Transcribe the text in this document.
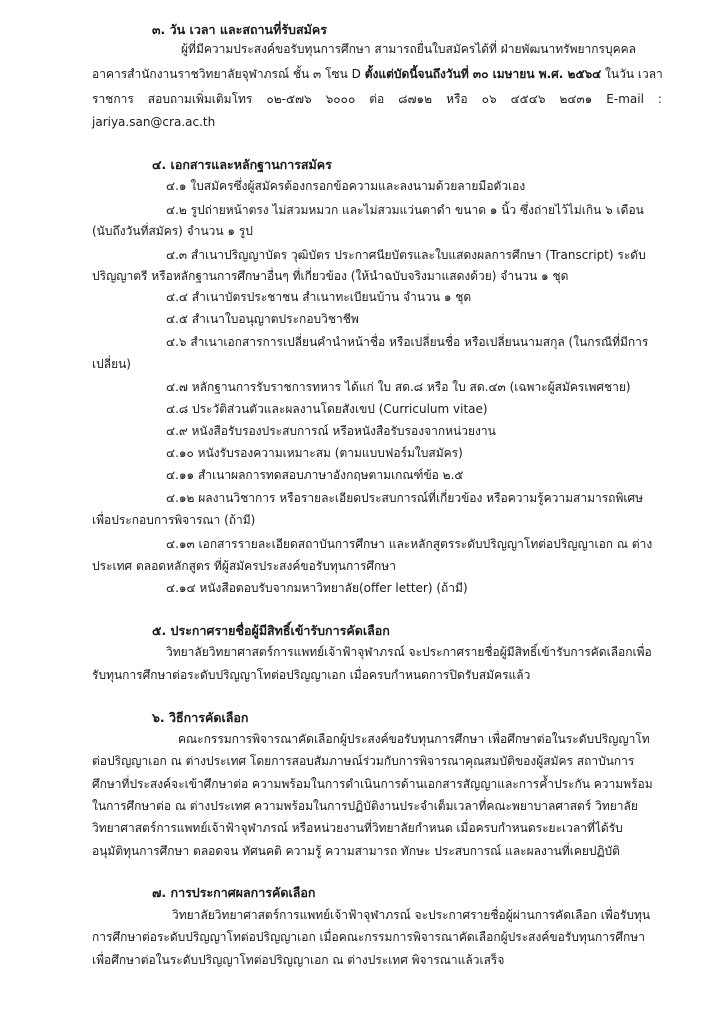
๓. วัน เวลา และสถานที่รับสมัคร
ผู้ที่มีความประสงค์ขอรับทุนการศึกษา สามารถยื่นใบสมัครได้ที่ ฝ่ายพัฒนาทรัพยากรบุคคล
อาคารสำนักงานราชวิทยาลัยจุฬาภรณ์ ชั้น ๓ โซน D ตั้งแต่บัดนี้จนถึงวันที่ ๓๐ เมษายน พ.ศ. ๒๕๖๔ ในวัน เวลา
ราชการ สอบถามเพิ่มเติมโทร ๐๒-๕๗๖ ๖๐๐๐ ต่อ ๘๗๑๒ หรือ ๐๖ ๔๕๔๖ ๒๔๓๑ E-mail :
jariya.san@cra.ac.th
๔. เอกสารและหลักฐานการสมัคร
๔.๑ ใบสมัครซึ่งผู้สมัครต้องกรอกข้อความและลงนามด้วยลายมือตัวเอง
๔.๒ รูปถ่ายหน้าตรง ไม่สวมหมวก และไม่สวมแว่นตาดำ ขนาด ๑ นิ้ว ซึ่งถ่ายไว้ไม่เกิน ๖ เดือน
(นับถึงวันที่สมัคร) จำนวน ๑ รูป
๔.๓ สำเนาปริญญาบัตร วุฒิบัตร ประกาศนียบัตรและใบแสดงผลการศึกษา (Transcript) ระดับ
ปริญญาตรี หรือหลักฐานการศึกษาอื่นๆ ที่เกี่ยวข้อง (ให้นำฉบับจริงมาแสดงด้วย) จำนวน ๑ ชุด
๔.๔ สำเนาบัตรประชาชน สำเนาทะเบียนบ้าน จำนวน ๑ ชุด
๔.๕ สำเนาใบอนุญาตประกอบวิชาชีพ
๔.๖ สำเนาเอกสารการเปลี่ยนคำนำหน้าชื่อ หรือเปลี่ยนชื่อ หรือเปลี่ยนนามสกุล (ในกรณีที่มีการ
เปลี่ยน)
๔.๗ หลักฐานการรับราชการทหาร ได้แก่ ใบ สด.๘ หรือ ใบ สด.๔๓ (เฉพาะผู้สมัครเพศชาย)
๔.๘ ประวัติส่วนตัวและผลงานโดยสังเขป (Curriculum vitae)
๔.๙ หนังสือรับรองประสบการณ์ หรือหนังสือรับรองจากหน่วยงาน
๔.๑๐ หนังรับรองความเหมาะสม (ตามแบบฟอร์มใบสมัคร)
๔.๑๑ สำเนาผลการทดสอบภาษาอังกฤษตามเกณฑ์ข้อ ๒.๕
๔.๑๒ ผลงานวิชาการ หรือรายละเอียดประสบการณ์ที่เกี่ยวข้อง หรือความรู้ความสามารถพิเศษ
เพื่อประกอบการพิจารณา (ถ้ามี)
๔.๑๓ เอกสารรายละเอียดสถาบันการศึกษา และหลักสูตรระดับปริญญาโทต่อปริญญาเอก ณ ต่าง
ประเทศ ตลอดหลักสูตร ที่ผู้สมัครประสงค์ขอรับทุนการศึกษา
๔.๑๔ หนังสือตอบรับจากมหาวิทยาลัย(offer letter) (ถ้ามี)
๕. ประกาศรายชื่อผู้มีสิทธิ์เข้ารับการคัดเลือก
วิทยาลัยวิทยาศาสตร์การแพทย์เจ้าฟ้าจุฬาภรณ์ จะประกาศรายชื่อผู้มีสิทธิ์เข้ารับการคัดเลือกเพื่อ
รับทุนการศึกษาต่อระดับปริญญาโทต่อปริญญาเอก เมื่อครบกำหนดการปิดรับสมัครแล้ว
๖. วิธีการคัดเลือก
คณะกรรมการพิจารณาคัดเลือกผู้ประสงค์ขอรับทุนการศึกษา เพื่อศึกษาต่อในระดับปริญญาโท
ต่อปริญญาเอก ณ ต่างประเทศ โดยการสอบสัมภาษณ์ร่วมกับการพิจารณาคุณสมบัติของผู้สมัคร สถาบันการ
ศึกษาที่ประสงค์จะเข้าศึกษาต่อ ความพร้อมในการดำเนินการด้านเอกสารสัญญาและการค้ำประกัน ความพร้อม
ในการศึกษาต่อ ณ ต่างประเทศ ความพร้อมในการปฏิบัติงานประจำเต็มเวลาที่คณะพยาบาลศาสตร์ วิทยาลัย
วิทยาศาสตร์การแพทย์เจ้าฟ้าจุฬาภรณ์ หรือหน่วยงานที่วิทยาลัยกำหนด เมื่อครบกำหนดระยะเวลาที่ได้รับ
อนุมัติทุนการศึกษา ตลอดจน ทัศนคติ ความรู้ ความสามารถ ทักษะ ประสบการณ์ และผลงานที่เคยปฏิบัติ
๗. การประกาศผลการคัดเลือก
วิทยาลัยวิทยาศาสตร์การแพทย์เจ้าฟ้าจุฬาภรณ์ จะประกาศรายชื่อผู้ผ่านการคัดเลือก เพื่อรับทุน
การศึกษาต่อระดับปริญญาโทต่อปริญญาเอก เมื่อคณะกรรมการพิจารณาคัดเลือกผู้ประสงค์ขอรับทุนการศึกษา
เพื่อศึกษาต่อในระดับปริญญาโทต่อปริญญาเอก ณ ต่างประเทศ พิจารณาแล้วเสร็จ
